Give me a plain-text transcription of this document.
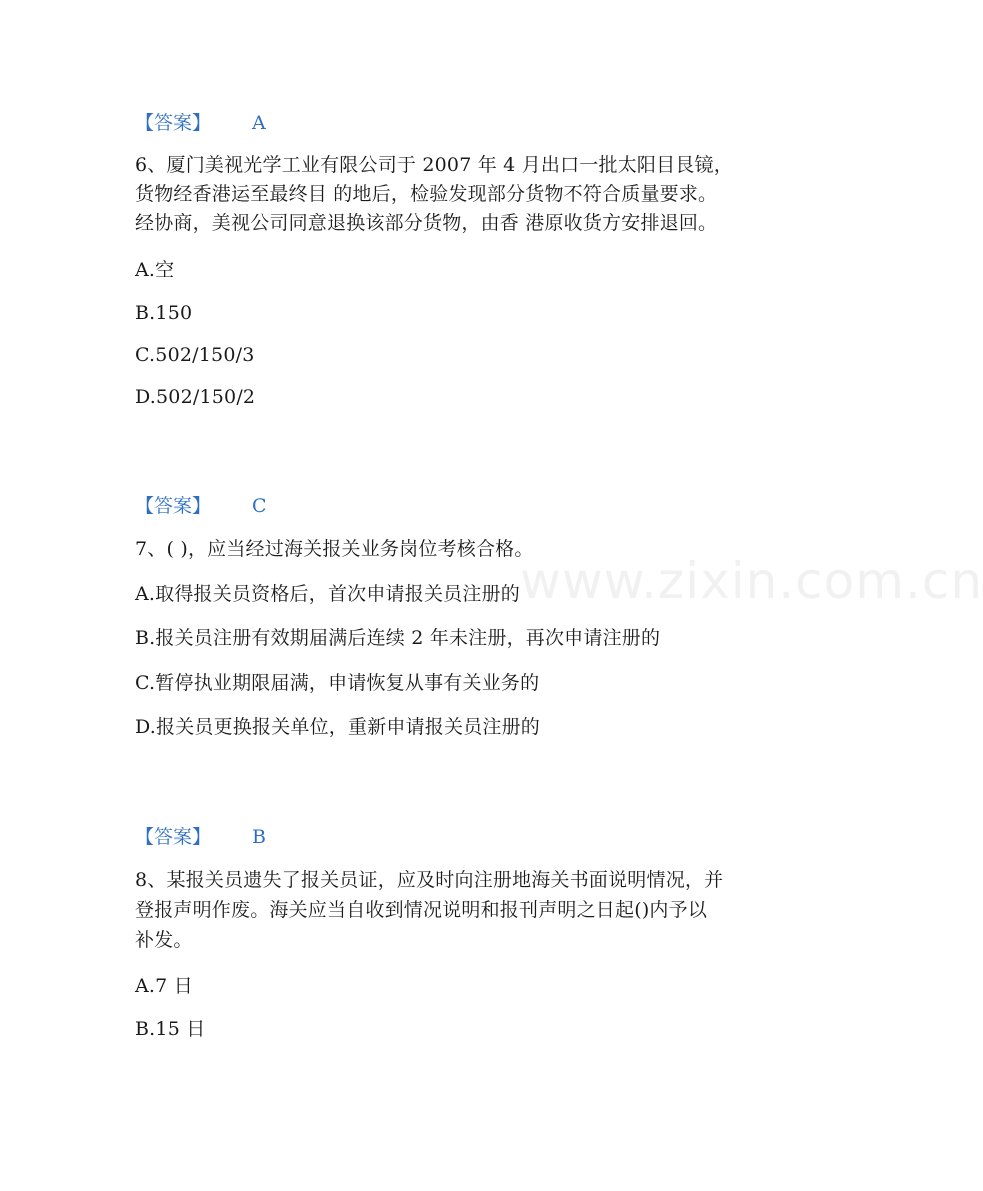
www.zixin.com.cn
【答案】 A
6、厦门美视光学工业有限公司于 2007 年 4 月出口一批太阳目艮镜，
货物经香港运至最终目 的地后，检验发现部分货物不符合质量要求。
经协商，美视公司同意退换该部分货物，由香 港原收货方安排退回。
A.空
B.150
C.502/150/3
D.502/150/2
【答案】 C
7、( )，应当经过海关报关业务岗位考核合格。
A.取得报关员资格后，首次申请报关员注册的
B.报关员注册有效期届满后连续 2 年未注册，再次申请注册的
C.暂停执业期限届满，申请恢复从事有关业务的
D.报关员更换报关单位，重新申请报关员注册的
【答案】 B
8、某报关员遗失了报关员证，应及时向注册地海关书面说明情况，并
登报声明作废。海关应当自收到情况说明和报刊声明之日起()内予以
补发。
A.7 日
B.15 日
